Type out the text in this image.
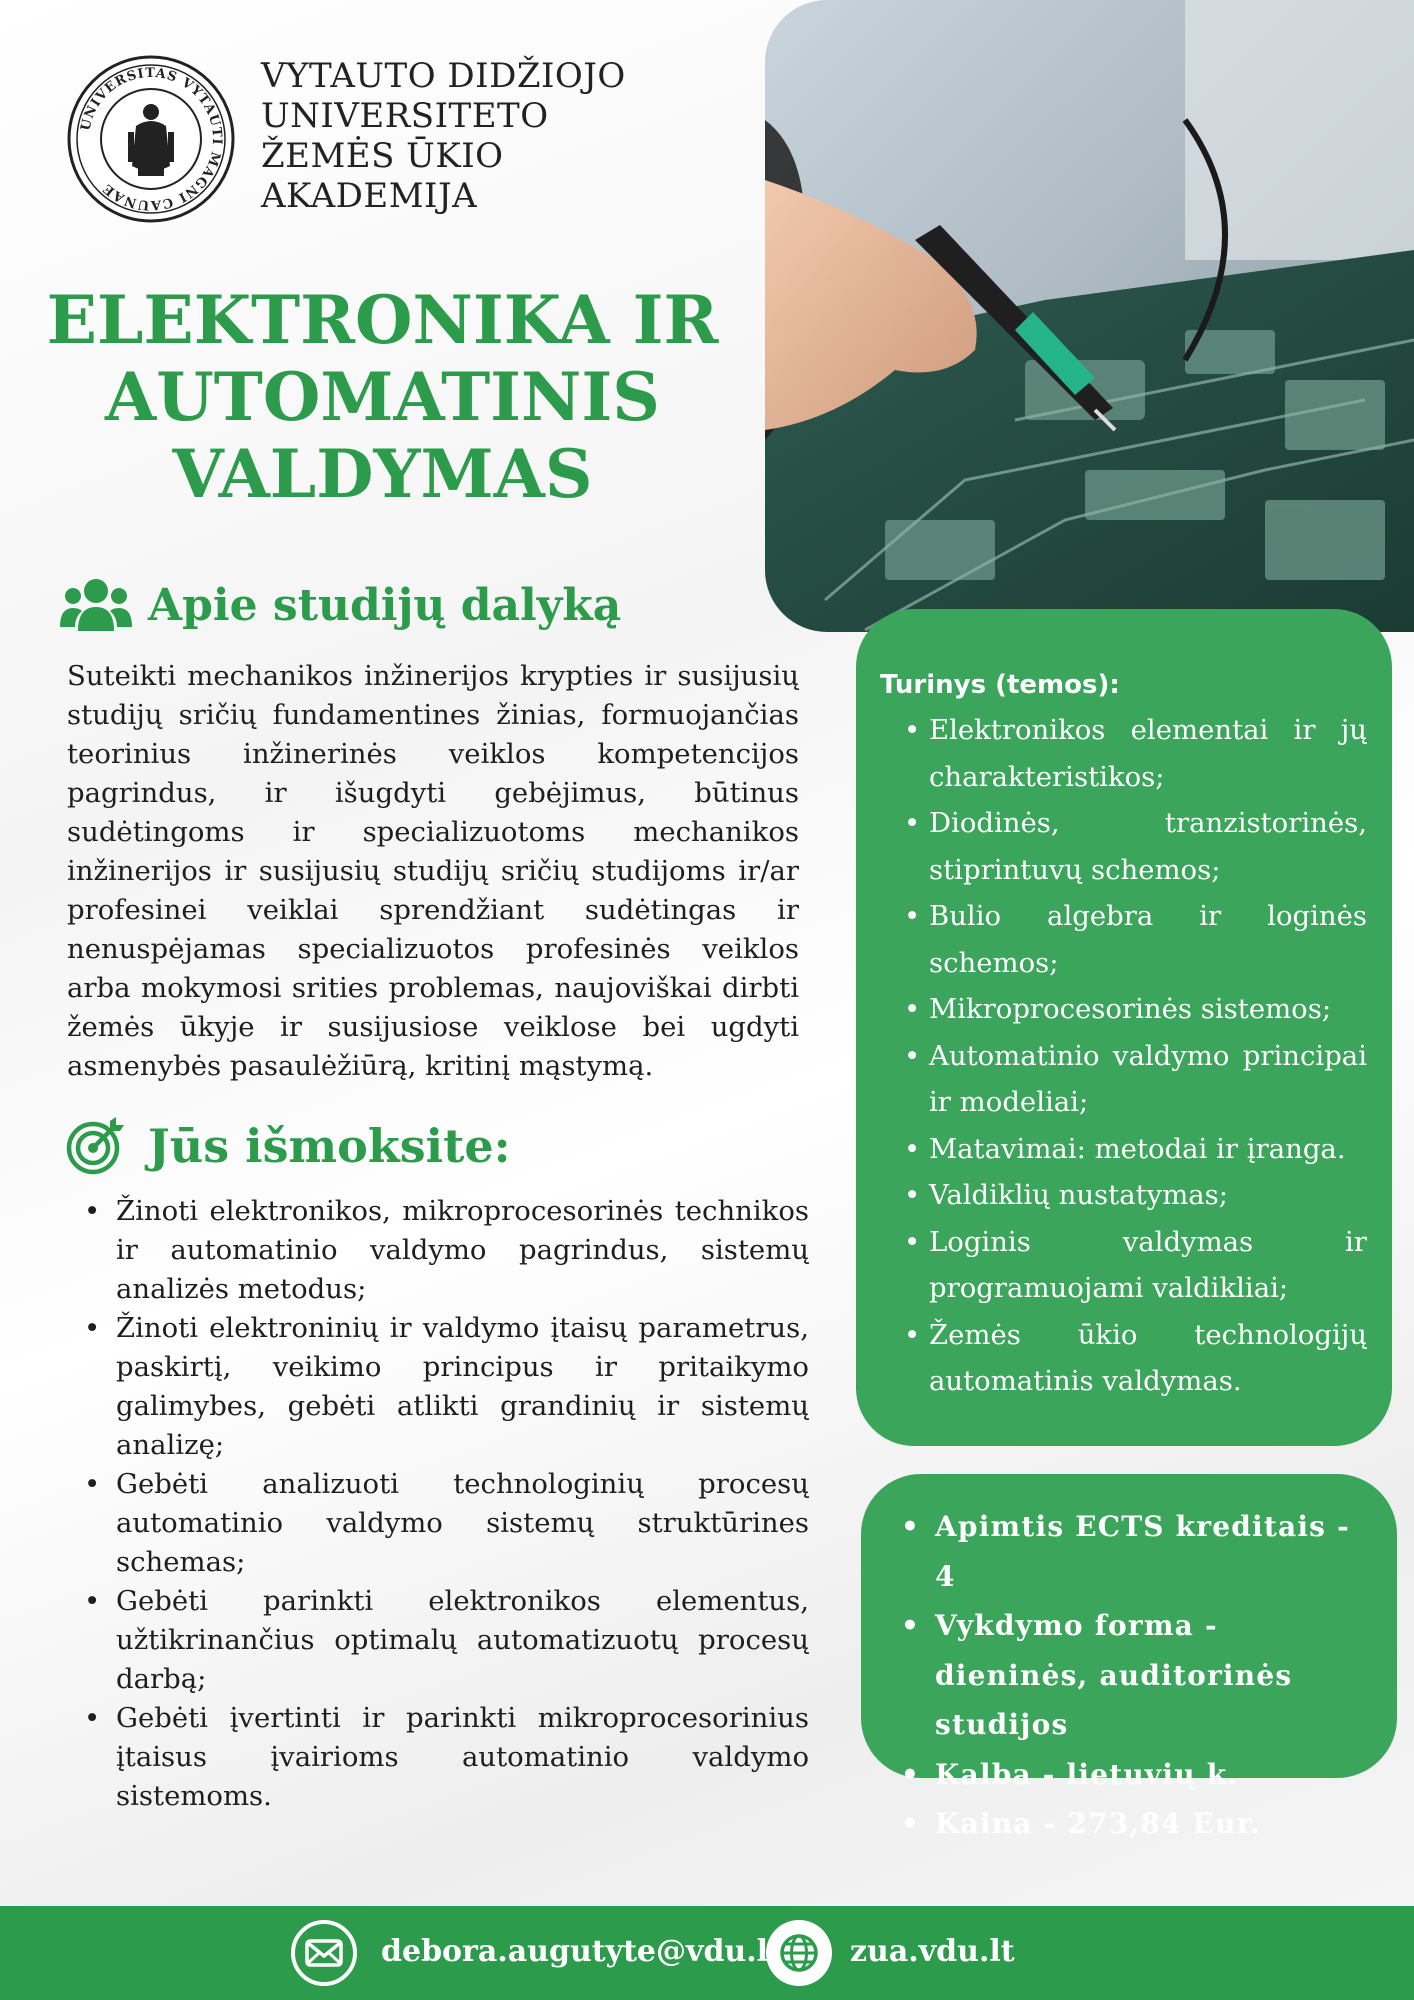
UNIVERSITAS VYTAUTI MAGNI CAUNAE
VYTAUTO DIDŽIOJO
UNIVERSITETO
ŽEMĖS ŪKIO
AKADEMIJA
ELEKTRONIKA IR
AUTOMATINIS
VALDYMAS
Apie studijų dalyką

Suteikti mechanikos inžinerijos krypties ir susijusių studijų sričių fundamentines žinias, formuojančias teorinius inžinerinės veiklos kompetencijos pagrindus, ir išugdyti gebėjimus, būtinus sudėtingoms ir specializuotoms mechanikos inžinerijos ir susijusių studijų sričių studijoms ir/ar profesinei veiklai sprendžiant sudėtingas ir nenuspėjamas specializuotos profesinės veiklos arba mokymosi srities problemas, naujoviškai dirbti žemės ūkyje ir susijusiose veiklose bei ugdyti asmenybės pasaulėžiūrą, kritinį mąstymą.

Jūs išmoksite:
• Žinoti elektronikos, mikroprocesorinės technikos ir automatinio valdymo pagrindus, sistemų analizės metodus;
• Žinoti elektroninių ir valdymo įtaisų parametrus, paskirtį, veikimo principus ir pritaikymo galimybes, gebėti atlikti grandinių ir sistemų analizę;
• Gebėti analizuoti technologinių procesų automatinio valdymo sistemų struktūrines schemas;
• Gebėti parinkti elektronikos elementus, užtikrinančius optimalų automatizuotų procesų darbą;
• Gebėti įvertinti ir parinkti mikroprocesorinius įtaisus įvairioms automatinio valdymo sistemoms.
Turinys (temos):
• Elektronikos elementai ir jų charakteristikos;
• Diodinės, tranzistorinės, stiprintuvų schemos;
• Bulio algebra ir loginės schemos;
• Mikroprocesorinės sistemos;
• Automatinio valdymo principai ir modeliai;
• Matavimai: metodai ir įranga.
• Valdiklių nustatymas;
• Loginis valdymas ir programuojami valdikliai;
• Žemės ūkio technologijų automatinis valdymas.
• Apimtis ECTS kreditais - 4
• Vykdymo forma - dieninės, auditorinės studijos
• Kalba - lietuvių k.
• Kaina - 273,84 Eur.
debora.augutyte@vdu.lt zua.vdu.lt
